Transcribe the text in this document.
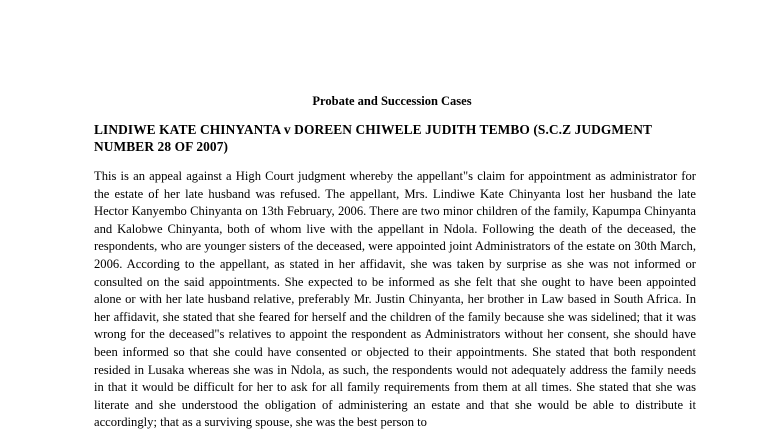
Probate and Succession Cases

LINDIWE KATE CHINYANTA v DOREEN CHIWELE JUDITH TEMBO (S.C.Z JUDGMENT NUMBER 28 OF 2007)

This is an appeal against a High Court judgment whereby the appellant"s claim for appointment as administrator for the estate of her late husband was refused. The appellant, Mrs. Lindiwe Kate Chinyanta lost her husband the late Hector Kanyembo Chinyanta on 13th February, 2006. There are two minor children of the family, Kapumpa Chinyanta and Kalobwe Chinyanta, both of whom live with the appellant in Ndola. Following the death of the deceased, the respondents, who are younger sisters of the deceased, were appointed joint Administrators of the estate on 30th March, 2006. According to the appellant, as stated in her affidavit, she was taken by surprise as she was not informed or consulted on the said appointments. She expected to be informed as she felt that she ought to have been appointed alone or with her late husband relative, preferably Mr. Justin Chinyanta, her brother in Law based in South Africa. In her affidavit, she stated that she feared for herself and the children of the family because she was sidelined; that it was wrong for the deceased"s relatives to appoint the respondent as Administrators without her consent, she should have been informed so that she could have consented or objected to their appointments. She stated that both respondent resided in Lusaka whereas she was in Ndola, as such, the respondents would not adequately address the family needs in that it would be difficult for her to ask for all family requirements from them at all times. She stated that she was literate and she understood the obligation of administering an estate and that she would be able to distribute it accordingly; that as a surviving spouse, she was the best person to
